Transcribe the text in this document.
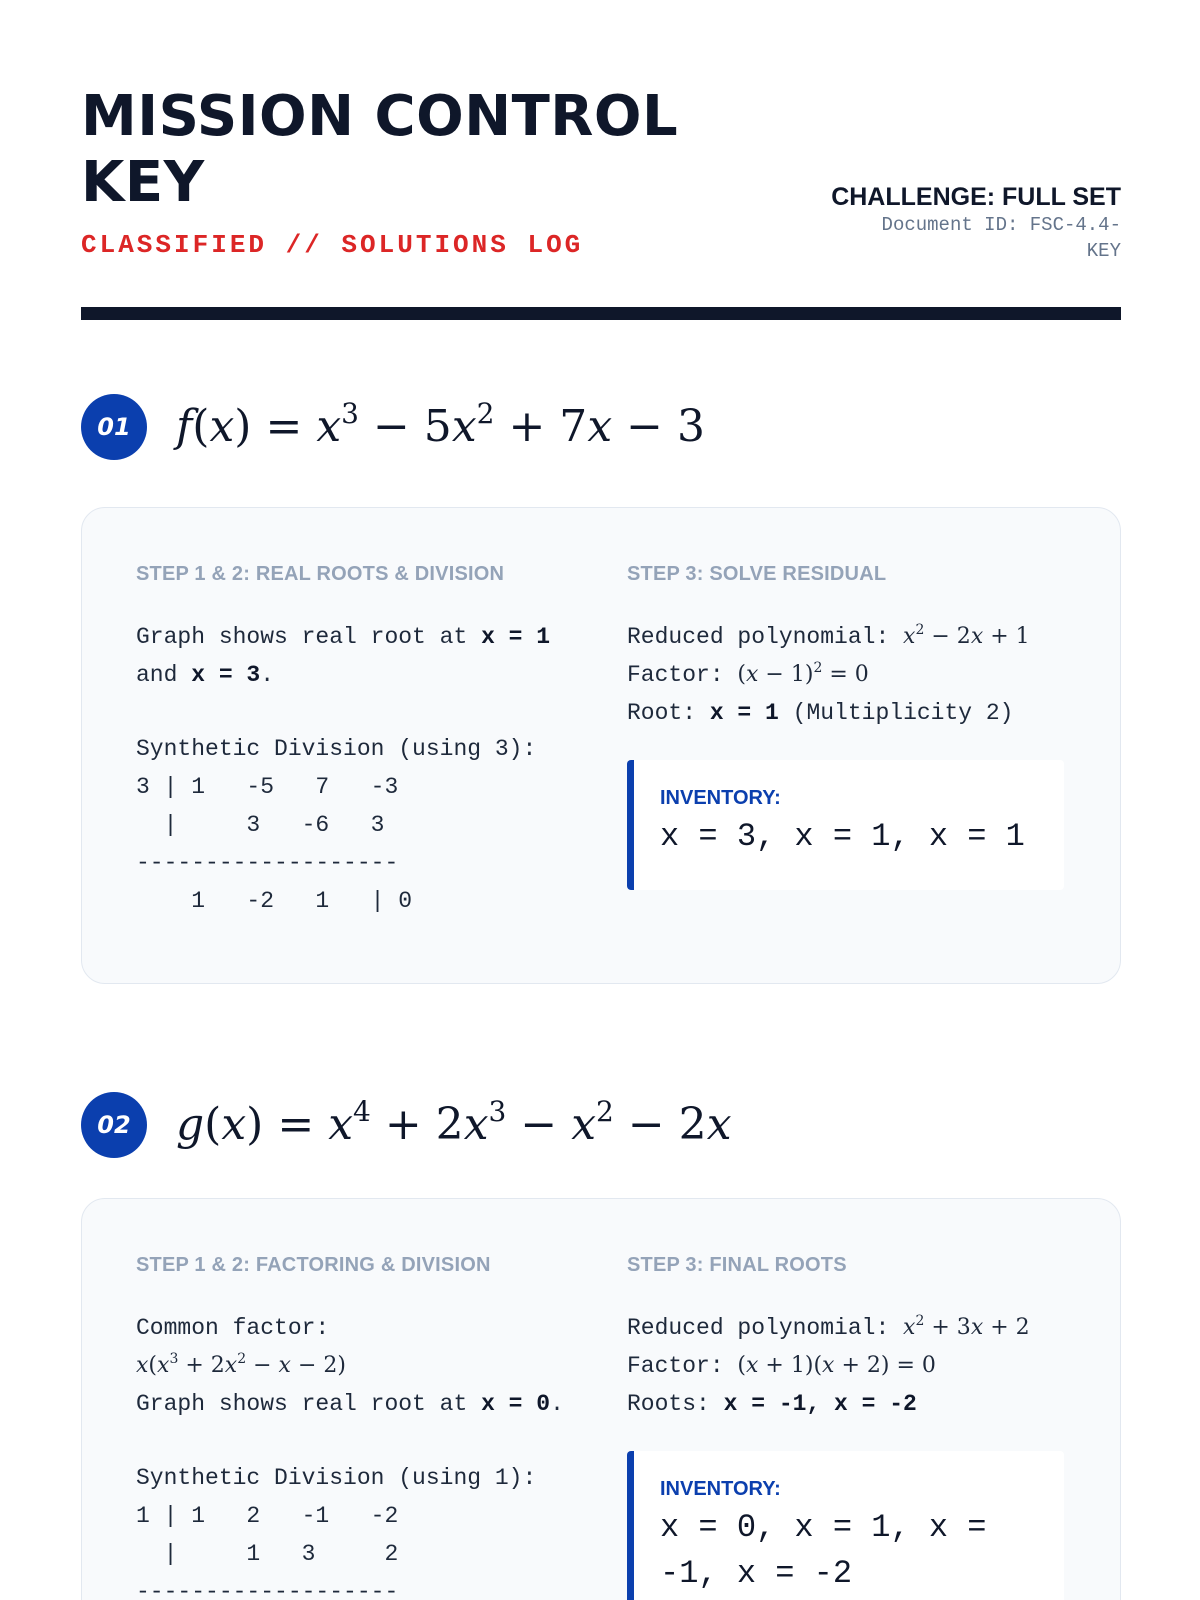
MISSION CONTROL
KEY
CLASSIFIED // SOLUTIONS LOG
CHALLENGE: FULL SET
Document ID: FSC-4.4-KEY
01	$f(x) = x^3 - 5x^2 + 7x - 3$
STEP 1 & 2: REAL ROOTS & DIVISION
Graph shows real root at x = 1
and x = 3.
Synthetic Division (using 3):
3 | 1   -5   7   -3
|     3   -6   3
-------------------
1   -2   1   | 0
STEP 3: SOLVE RESIDUAL
Reduced polynomial: $x^2 - 2x + 1$
Factor: $(x - 1)^2 = 0$
Root: x = 1 (Multiplicity 2)
INVENTORY:
x = 3, x = 1, x = 1
02	$g(x) = x^4 + 2x^3 - x^2 - 2x$
STEP 1 & 2: FACTORING & DIVISION
Common factor:
$x(x^3 + 2x^2 - x - 2)$
Graph shows real root at x = 0.
Synthetic Division (using 1):
1 | 1   2   -1   -2
|     1   3     2
-------------------
STEP 3: FINAL ROOTS
Reduced polynomial: $x^2 + 3x + 2$
Factor: (x + 1)(x + 2) = 0
Roots: x = -1, x = -2
INVENTORY:
x = 0, x = 1, x = -1, x = -2
